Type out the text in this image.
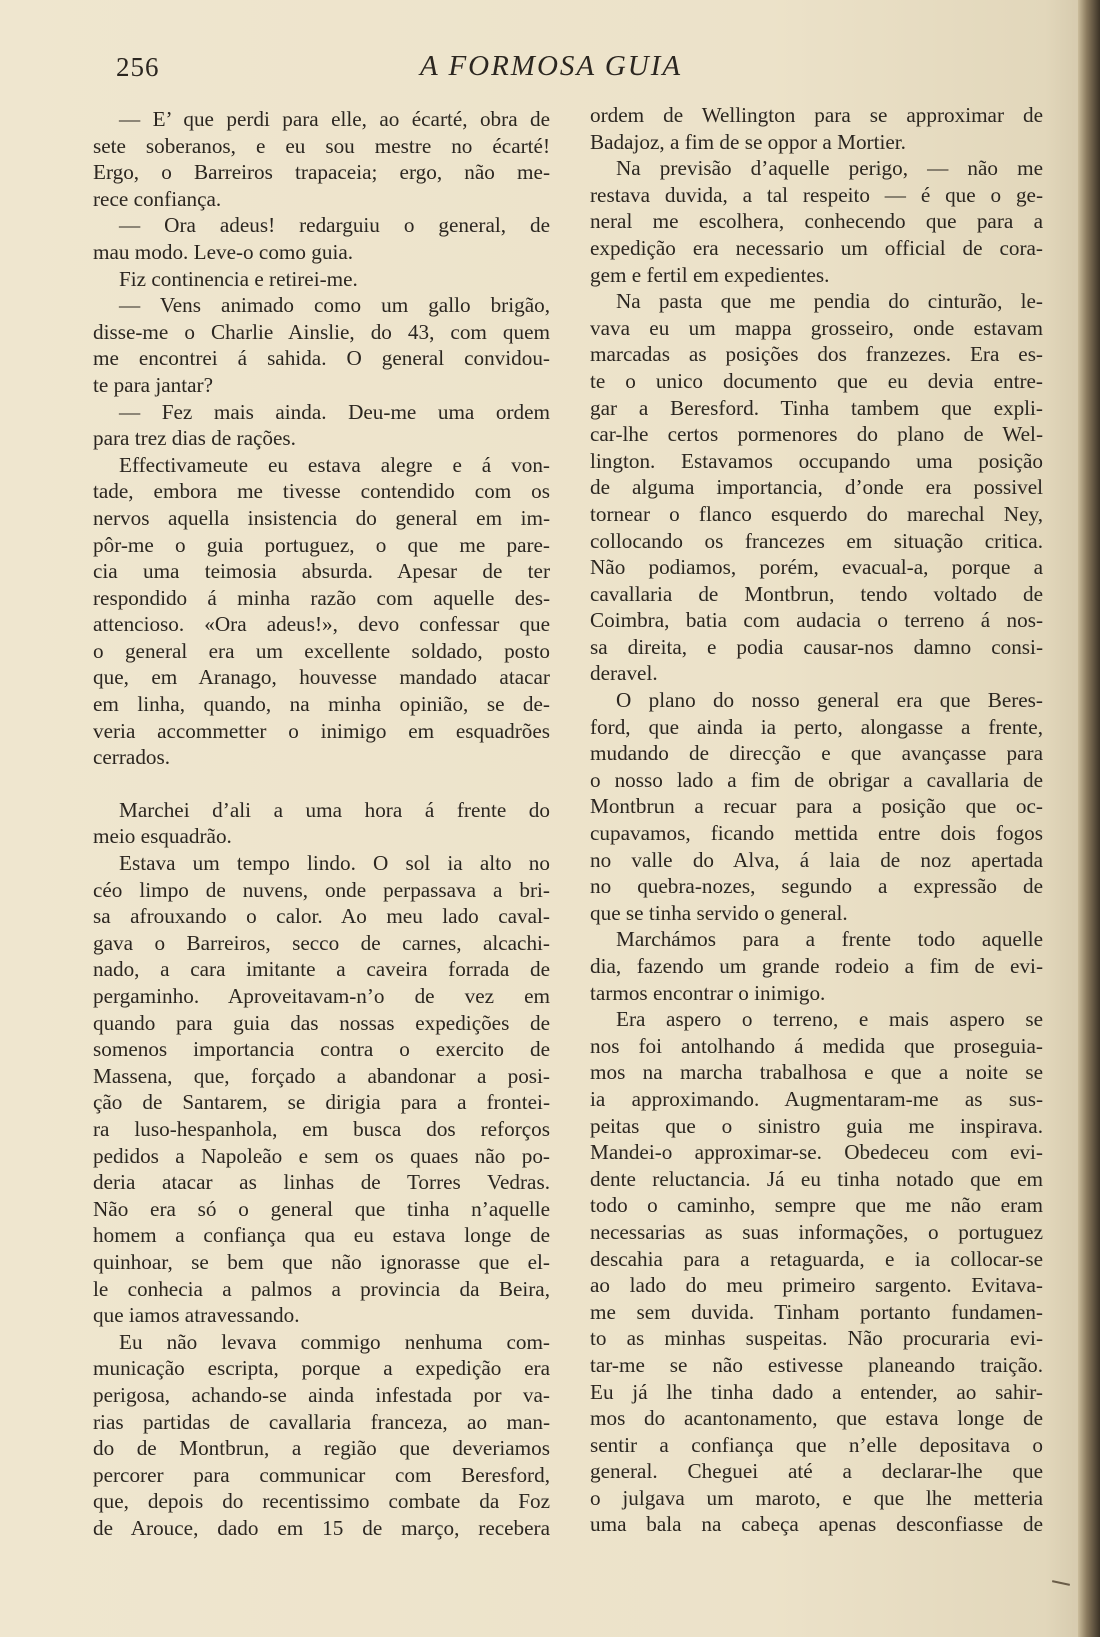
256	A FORMOSA GUIA
— E’ que perdi para elle, ao écarté, obra de
sete soberanos, e eu sou mestre no écarté!
Ergo, o Barreiros trapaceia; ergo, não me-
rece confiança.
— Ora adeus! redarguiu o general, de
mau modo. Leve-o como guia.
Fiz continencia e retirei-me.
— Vens animado como um gallo brigão,
disse-me o Charlie Ainslie, do 43, com quem
me encontrei á sahida. O general convidou-
te para jantar?
— Fez mais ainda. Deu-me uma ordem
para trez dias de rações.
Effectivameute eu estava alegre e á von-
tade, embora me tivesse contendido com os
nervos aquella insistencia do general em im-
pôr-me o guia portuguez, o que me pare-
cia uma teimosia absurda. Apesar de ter
respondido á minha razão com aquelle des-
attencioso. «Ora adeus!», devo confessar que
o general era um excellente soldado, posto
que, em Aranago, houvesse mandado atacar
em linha, quando, na minha opinião, se de-
veria accommetter o inimigo em esquadrões
cerrados.
Marchei d’ali a uma hora á frente do
meio esquadrão.
Estava um tempo lindo. O sol ia alto no
céo limpo de nuvens, onde perpassava a bri-
sa afrouxando o calor. Ao meu lado caval-
gava o Barreiros, secco de carnes, alcachi-
nado, a cara imitante a caveira forrada de
pergaminho. Aproveitavam-n’o de vez em
quando para guia das nossas expedições de
somenos importancia contra o exercito de
Massena, que, forçado a abandonar a posi-
ção de Santarem, se dirigia para a frontei-
ra luso-hespanhola, em busca dos reforços
pedidos a Napoleão e sem os quaes não po-
deria atacar as linhas de Torres Vedras.
Não era só o general que tinha n’aquelle
homem a confiança qua eu estava longe de
quinhoar, se bem que não ignorasse que el-
le conhecia a palmos a provincia da Beira,
que iamos atravessando.
Eu não levava commigo nenhuma com-
municação escripta, porque a expedição era
perigosa, achando-se ainda infestada por va-
rias partidas de cavallaria franceza, ao man-
do de Montbrun, a região que deveriamos
percorer para communicar com Beresford,
que, depois do recentissimo combate da Foz
de Arouce, dado em 15 de março, recebera
ordem de Wellington para se approximar de
Badajoz, a fim de se oppor a Mortier.
Na previsão d’aquelle perigo, — não me
restava duvida, a tal respeito — é que o ge-
neral me escolhera, conhecendo que para a
expedição era necessario um official de cora-
gem e fertil em expedientes.
Na pasta que me pendia do cinturão, le-
vava eu um mappa grosseiro, onde estavam
marcadas as posições dos franzezes. Era es-
te o unico documento que eu devia entre-
gar a Beresford. Tinha tambem que expli-
car-lhe certos pormenores do plano de Wel-
lington. Estavamos occupando uma posição
de alguma importancia, d’onde era possivel
tornear o flanco esquerdo do marechal Ney,
collocando os francezes em situação critica.
Não podiamos, porém, evacual-a, porque a
cavallaria de Montbrun, tendo voltado de
Coimbra, batia com audacia o terreno á nos-
sa direita, e podia causar-nos damno consi-
deravel.
O plano do nosso general era que Beres-
ford, que ainda ia perto, alongasse a frente,
mudando de direcção e que avançasse para
o nosso lado a fim de obrigar a cavallaria de
Montbrun a recuar para a posição que oc-
cupavamos, ficando mettida entre dois fogos
no valle do Alva, á laia de noz apertada
no quebra-nozes, segundo a expressão de
que se tinha servido o general.
Marchámos para a frente todo aquelle
dia, fazendo um grande rodeio a fim de evi-
tarmos encontrar o inimigo.
Era aspero o terreno, e mais aspero se
nos foi antolhando á medida que proseguia-
mos na marcha trabalhosa e que a noite se
ia approximando. Augmentaram-me as sus-
peitas que o sinistro guia me inspirava.
Mandei-o approximar-se. Obedeceu com evi-
dente reluctancia. Já eu tinha notado que em
todo o caminho, sempre que me não eram
necessarias as suas informações, o portuguez
descahia para a retaguarda, e ia collocar-se
ao lado do meu primeiro sargento. Evitava-
me sem duvida. Tinham portanto fundamen-
to as minhas suspeitas. Não procuraria evi-
tar-me se não estivesse planeando traição.
Eu já lhe tinha dado a entender, ao sahir-
mos do acantonamento, que estava longe de
sentir a confiança que n’elle depositava o
general. Cheguei até a declarar-lhe que
o julgava um maroto, e que lhe metteria
uma bala na cabeça apenas desconfiasse de
